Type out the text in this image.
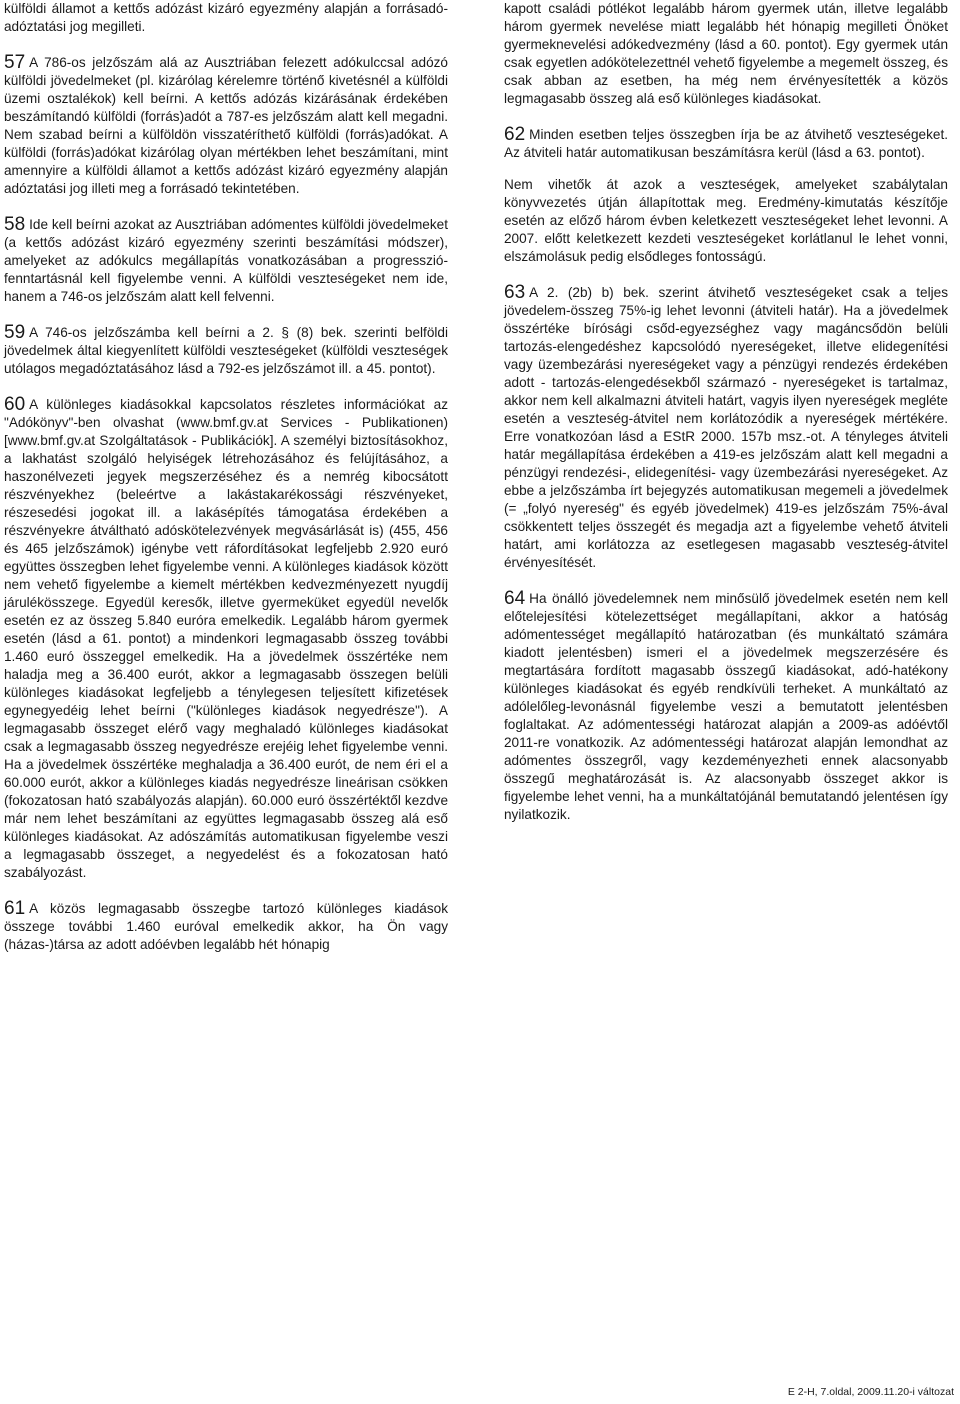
külföldi államot a kettős adózást kizáró egyezmény alapján a forrásadó-adóztatási jog megilleti.

57 A 786-os jelzőszám alá az Ausztriában felezett adókulccsal adózó külföldi jövedelmeket (pl. kizárólag kérelemre történő kivetésnél a külföldi üzemi osztalékok) kell beírni. A kettős adózás kizárásának érdekében beszámítandó külföldi (forrás)adót a 787-es jelzőszám alatt kell megadni. Nem szabad beírni a külföldön visszatéríthető külföldi (forrás)adókat. A külföldi (forrás)adókat kizárólag olyan mértékben lehet beszámítani, mint amennyire a külföldi államot a kettős adózást kizáró egyezmény alapján adóztatási jog illeti meg a forrásadó tekintetében.

58 Ide kell beírni azokat az Ausztriában adómentes külföldi jövedelmeket (a kettős adózást kizáró egyezmény szerinti beszámítási módszer), amelyeket az adókulcs megállapítás vonatkozásában a progresszió-fenntartásnál kell figyelembe venni. A külföldi veszteségeket nem ide, hanem a 746-os jelzőszám alatt kell felvenni.

59 A 746-os jelzőszámba kell beírni a 2. § (8) bek. szerinti belföldi jövedelmek által kiegyenlített külföldi veszteségeket (külföldi veszteségek utólagos megadóztatásához lásd a 792-es jelzőszámot ill. a 45. pontot).

60 A különleges kiadásokkal kapcsolatos részletes információkat az "Adókönyv"-ben olvashat (www.bmf.gv.at Services - Publikationen) [www.bmf.gv.at Szolgáltatások - Publikációk]. A személyi biztosításokhoz, a lakhatást szolgáló helyiségek létrehozásához és felújításához, a haszonélvezeti jegyek megszerzéséhez és a nemrég kibocsátott részvényekhez (beleértve a lakástakarékossági részvényeket, részesedési jogokat ill. a lakásépítés támogatása érdekében a részvényekre átváltható adóskötelezvények megvásárlását is) (455, 456 és 465 jelzőszámok) igénybe vett ráfordításokat legfeljebb 2.920 euró együttes összegben lehet figyelembe venni. A különleges kiadások között nem vehető figyelembe a kiemelt mértékben kedvezményezett nyugdíj járulékösszege. Egyedül keresők, illetve gyermeküket egyedül nevelők esetén ez az összeg 5.840 euróra emelkedik. Legalább három gyermek esetén (lásd a 61. pontot) a mindenkori legmagasabb összeg további 1.460 euró összeggel emelkedik. Ha a jövedelmek összértéke nem haladja meg a 36.400 eurót, akkor a legmagasabb összegen belüli különleges kiadásokat legfeljebb a ténylegesen teljesített kifizetések egynegyedéig lehet beírni ("különleges kiadások negyedrésze"). A legmagasabb összeget elérő vagy meghaladó különleges kiadásokat csak a legmagasabb összeg negyedrésze erejéig lehet figyelembe venni. Ha a jövedelmek összértéke meghaladja a 36.400 eurót, de nem éri el a 60.000 eurót, akkor a különleges kiadás negyedrésze lineárisan csökken (fokozatosan ható szabályozás alapján). 60.000 euró összértéktől kezdve már nem lehet beszámítani az együttes legmagasabb összeg alá eső különleges kiadásokat. Az adószámítás automatikusan figyelembe veszi a legmagasabb összeget, a negyedelést és a fokozatosan ható szabályozást.

61 A közös legmagasabb összegbe tartozó különleges kiadások összege további 1.460 euróval emelkedik akkor, ha Ön vagy (házas-)társa az adott adóévben legalább hét hónapig

kapott családi pótlékot legalább három gyermek után, illetve legalább három gyermek nevelése miatt legalább hét hónapig megilleti Önöket gyermeknevelési adókedvezmény (lásd a 60. pontot). Egy gyermek után csak egyetlen adókötelezettnél vehető figyelembe a megemelt összeg, és csak abban az esetben, ha még nem érvényesítették a közös legmagasabb összeg alá eső különleges kiadásokat.

62 Minden esetben teljes összegben írja be az átvihető veszteségeket. Az átviteli határ automatikusan beszámításra kerül (lásd a 63. pontot).

Nem vihetők át azok a veszteségek, amelyeket szabálytalan könyvvezetés útján állapítottak meg. Eredmény-kimutatás készítője esetén az előző három évben keletkezett veszteségeket lehet levonni. A 2007. előtt keletkezett kezdeti veszteségeket korlátlanul le lehet vonni, elszámolásuk pedig elsődleges fontosságú.

63 A 2. (2b) b) bek. szerint átvihető veszteségeket csak a teljes jövedelem-összeg 75%-ig lehet levonni (átviteli határ). Ha a jövedelmek összértéke bírósági csőd-egyezséghez vagy magáncsődön belüli tartozás-elengedéshez kapcsolódó nyereségeket, illetve elidegenítési vagy üzembezárási nyereségeket vagy a pénzügyi rendezés érdekében adott - tartozás-elengedésekből származó - nyereségeket is tartalmaz, akkor nem kell alkalmazni átviteli határt, vagyis ilyen nyereségek megléte esetén a veszteség-átvitel nem korlátozódik a nyereségek mértékére. Erre vonatkozóan lásd a EStR 2000. 157b msz.-ot. A tényleges átviteli határ megállapítása érdekében a 419-es jelzőszám alatt kell megadni a pénzügyi rendezési-, elidegenítési- vagy üzembezárási nyereségeket. Az ebbe a jelzőszámba írt bejegyzés automatikusan megemeli a jövedelmek (= „folyó nyereség" és egyéb jövedelmek) 419-es jelzőszám 75%-ával csökkentett teljes összegét és megadja azt a figyelembe vehető átviteli határt, ami korlátozza az esetlegesen magasabb veszteség-átvitel érvényesítését.

64 Ha önálló jövedelemnek nem minősülő jövedelmek esetén nem kell előtelejesítési kötelezettséget megállapítani, akkor a hatóság adómentességet megállapító határozatban (és munkáltató számára kiadott jelentésben) ismeri el a jövedelmek megszerzésére és megtartására fordított magasabb összegű kiadásokat, adó-hatékony különleges kiadásokat és egyéb rendkívüli terheket. A munkáltató az adólelőleg-levonásnál figyelembe veszi a bemutatott jelentésben foglaltakat. Az adómentességi határozat alapján a 2009-as adóévtől 2011-re vonatkozik. Az adómentességi határozat alapján lemondhat az adómentes összegről, vagy kezdeményezheti ennek alacsonyabb összegű meghatározását is. Az alacsonyabb összeget akkor is figyelembe lehet venni, ha a munkáltatójánál bemutatandó jelentésen így nyilatkozik.

E 2-H, 7.oldal, 2009.11.20-i változat
